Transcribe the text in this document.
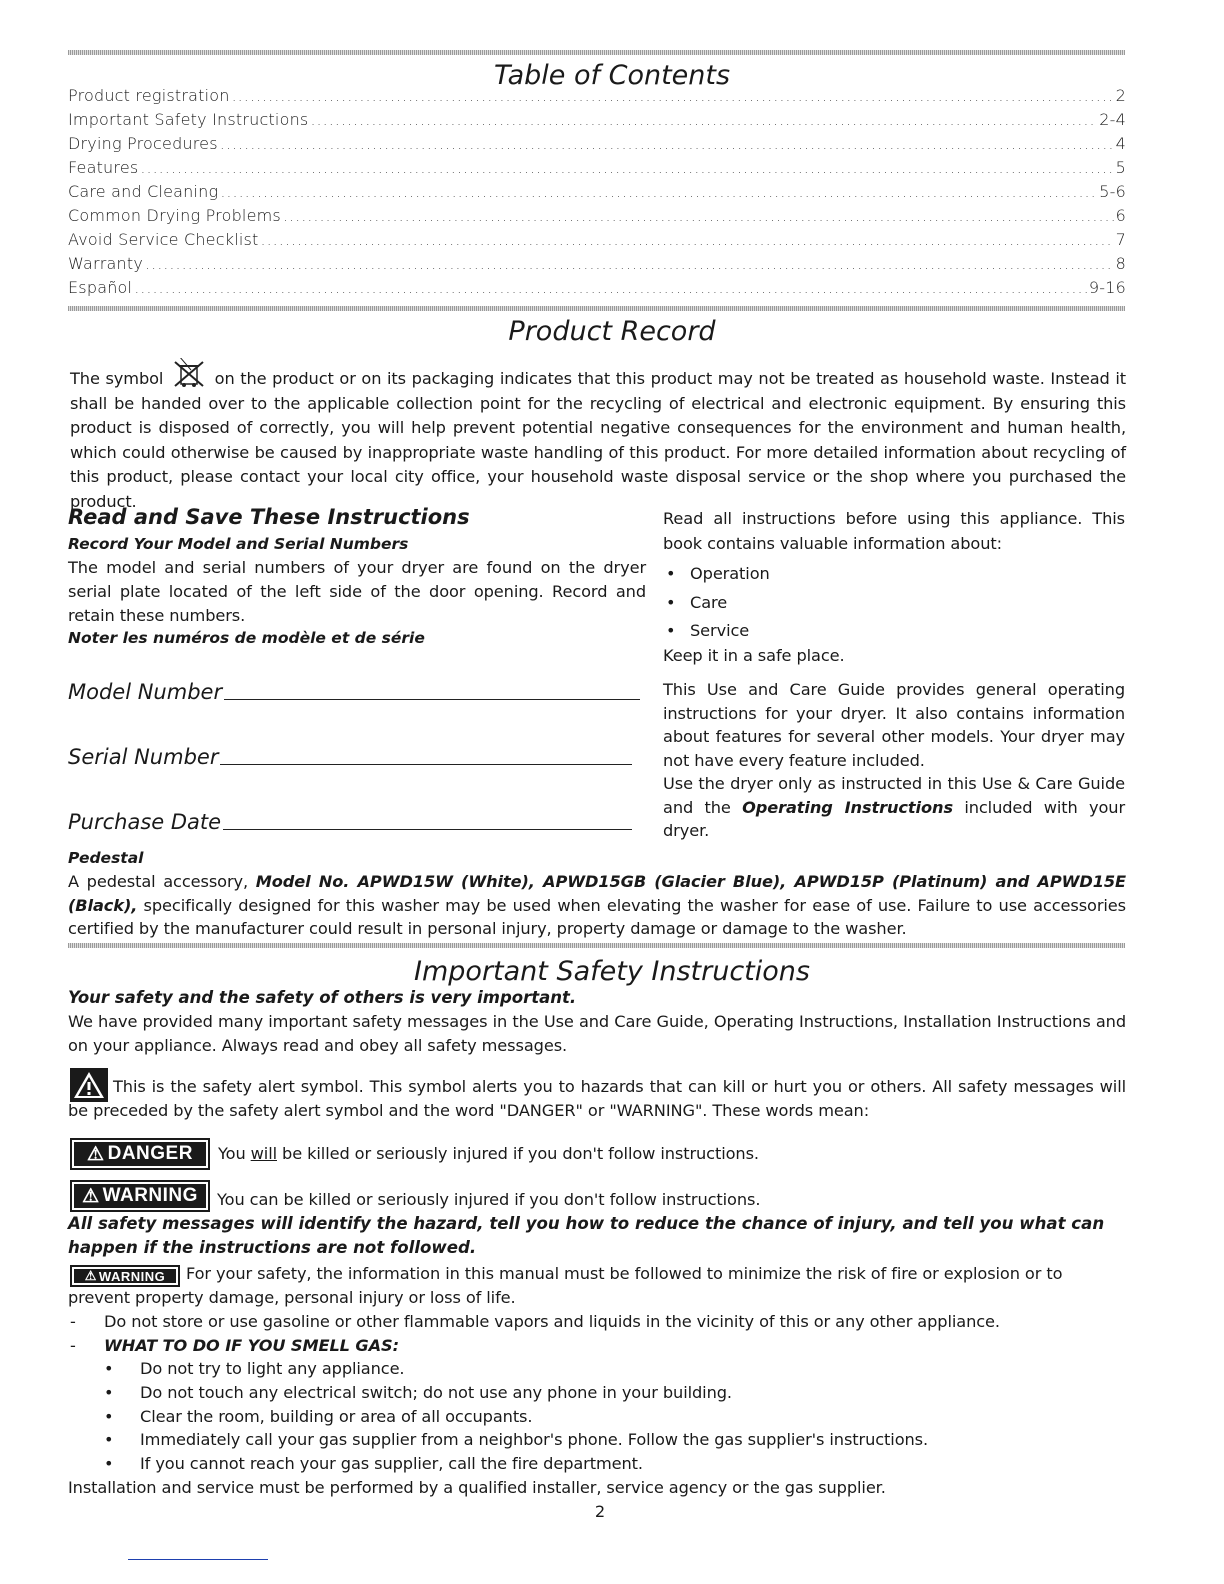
Table of Contents
Product registration .....	2
Important Safety Instructions .....	2-4
Drying Procedures .....	4
Features .....	5
Care and Cleaning .....	5-6
Common Drying Problems .....	6
Avoid Service Checklist .....	7
Warranty .....	8
Español .....	9-16
Product Record
The symbol	on the product or on its packaging indicates that this product may not be treated as household waste. Instead it shall be handed over to the applicable collection point for the recycling of electrical and electronic equipment. By ensuring this product is disposed of correctly, you will help prevent potential negative consequences for the environment and human health, which could otherwise be caused by inappropriate waste handling of this product. For more detailed information about recycling of this product, please contact your local city office, your household waste disposal service or the shop where you purchased the product.
Read and Save These Instructions
Record Your Model and Serial Numbers
The model and serial numbers of your dryer are found on the dryer serial plate located of the left side of the door opening. Record and retain these numbers.
Noter les numéros de modèle et de série
Model Number
Serial Number
Purchase Date
Read all instructions before using this appliance. This book contains valuable information about:
• Operation
• Care
• Service
Keep it in a safe place.
This Use and Care Guide provides general operating instructions for your dryer. It also contains information about features for several other models. Your dryer may not have every feature included.
Use the dryer only as instructed in this Use & Care Guide and the Operating Instructions included with your dryer.
Pedestal
A pedestal accessory, Model No. APWD15W (White), APWD15GB (Glacier Blue), APWD15P (Platinum) and APWD15E (Black), specifically designed for this washer may be used when elevating the washer for ease of use. Failure to use accessories certified by the manufacturer could result in personal injury, property damage or damage to the washer.
Important Safety Instructions
Your safety and the safety of others is very important.
We have provided many important safety messages in the Use and Care Guide, Operating Instructions, Installation Instructions and on your appliance. Always read and obey all safety messages.
This is the safety alert symbol. This symbol alerts you to hazards that can kill or hurt you or others. All safety messages will be preceded by the safety alert symbol and the word "DANGER" or "WARNING". These words mean:
⚠ DANGER You will be killed or seriously injured if you don't follow instructions.
⚠ WARNING You can be killed or seriously injured if you don't follow instructions.
All safety messages will identify the hazard, tell you how to reduce the chance of injury, and tell you what can happen if the instructions are not followed.
⚠ WARNING	For your safety, the information in this manual must be followed to minimize the risk of fire or explosion or to prevent property damage, personal injury or loss of life.
-	Do not store or use gasoline or other flammable vapors and liquids in the vicinity of this or any other appliance.
-	WHAT TO DO IF YOU SMELL GAS:
•	Do not try to light any appliance.
•	Do not touch any electrical switch; do not use any phone in your building.
•	Clear the room, building or area of all occupants.
•	Immediately call your gas supplier from a neighbor's phone. Follow the gas supplier's instructions.
•	If you cannot reach your gas supplier, call the fire department.
Installation and service must be performed by a qualified installer, service agency or the gas supplier.
2
